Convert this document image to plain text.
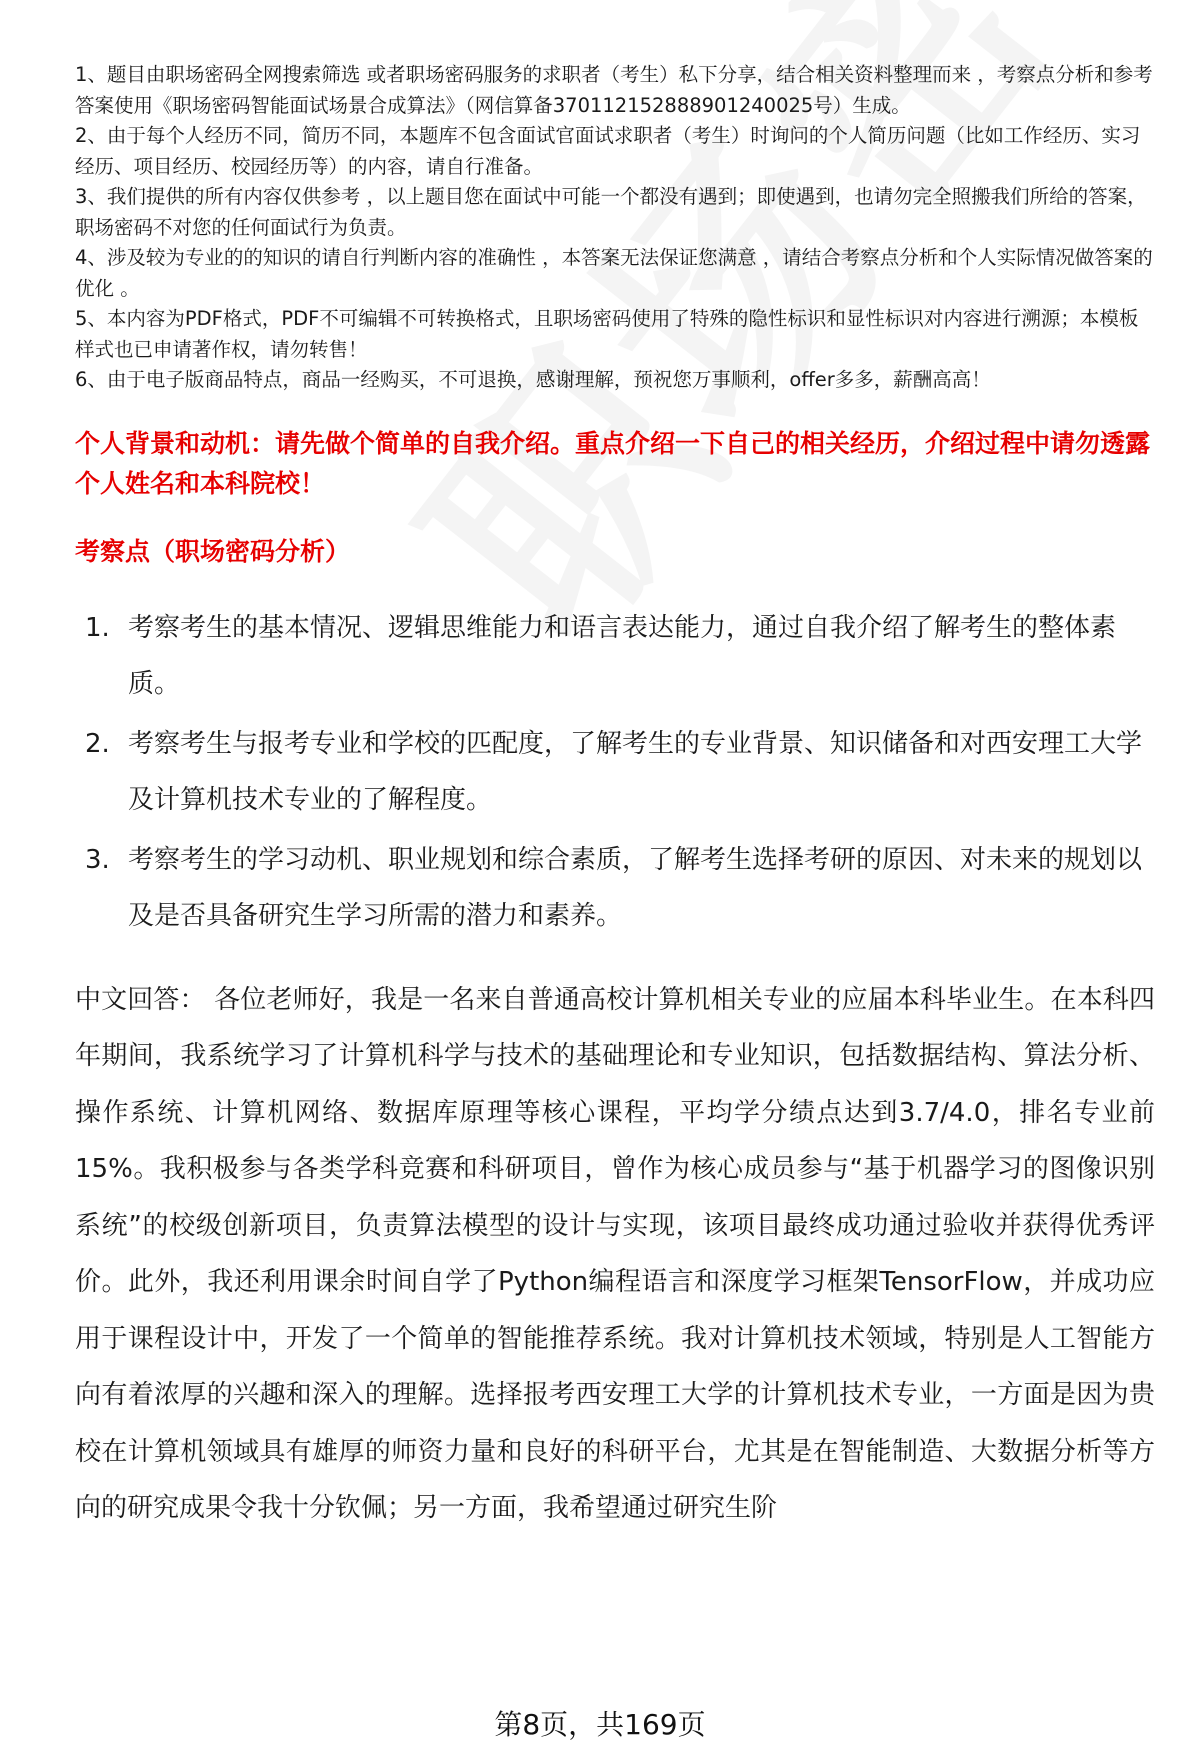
1、题目由职场密码全网搜索筛选 或者职场密码服务的求职者（考生）私下分享，结合相关资料整理而来 ，考察点分析和参考答案使用《职场密码智能面试场景合成算法》（网信算备370112152888901240025号）生成。
2、由于每个人经历不同，简历不同，本题库不包含面试官面试求职者（考生）时询问的个人简历问题（比如工作经历、实习经历、项目经历、校园经历等）的内容，请自行准备。
3、我们提供的所有内容仅供参考 ，以上题目您在面试中可能一个都没有遇到；即使遇到，也请勿完全照搬我们所给的答案，职场密码不对您的任何面试行为负责。
4、涉及较为专业的的知识的请自行判断内容的准确性 ，本答案无法保证您满意 ，请结合考察点分析和个人实际情况做答案的优化 。
5、本内容为PDF格式，PDF不可编辑不可转换格式，且职场密码使用了特殊的隐性标识和显性标识对内容进行溯源；本模板样式也已申请著作权，请勿转售！
6、由于电子版商品特点，商品一经购买，不可退换，感谢理解，预祝您万事顺利，offer多多，薪酬高高！

个人背景和动机：请先做个简单的自我介绍。重点介绍一下自己的相关经历，介绍过程中请勿透露个人姓名和本科院校！

考察点（职场密码分析）

1. 考察考生的基本情况、逻辑思维能力和语言表达能力，通过自我介绍了解考生的整体素质。
2. 考察考生与报考专业和学校的匹配度，了解考生的专业背景、知识储备和对西安理工大学及计算机技术专业的了解程度。
3. 考察考生的学习动机、职业规划和综合素质，了解考生选择考研的原因、对未来的规划以及是否具备研究生学习所需的潜力和素养。

中文回答： 各位老师好，我是一名来自普通高校计算机相关专业的应届本科毕业生。在本科四年期间，我系统学习了计算机科学与技术的基础理论和专业知识，包括数据结构、算法分析、操作系统、计算机网络、数据库原理等核心课程，平均学分绩点达到3.7/4.0，排名专业前15%。我积极参与各类学科竞赛和科研项目，曾作为核心成员参与“基于机器学习的图像识别系统”的校级创新项目，负责算法模型的设计与实现，该项目最终成功通过验收并获得优秀评价。此外，我还利用课余时间自学了Python编程语言和深度学习框架TensorFlow，并成功应用于课程设计中，开发了一个简单的智能推荐系统。我对计算机技术领域，特别是人工智能方向有着浓厚的兴趣和深入的理解。选择报考西安理工大学的计算机技术专业，一方面是因为贵校在计算机领域具有雄厚的师资力量和良好的科研平台，尤其是在智能制造、大数据分析等方向的研究成果令我十分钦佩；另一方面，我希望通过研究生阶

第8页，共169页
